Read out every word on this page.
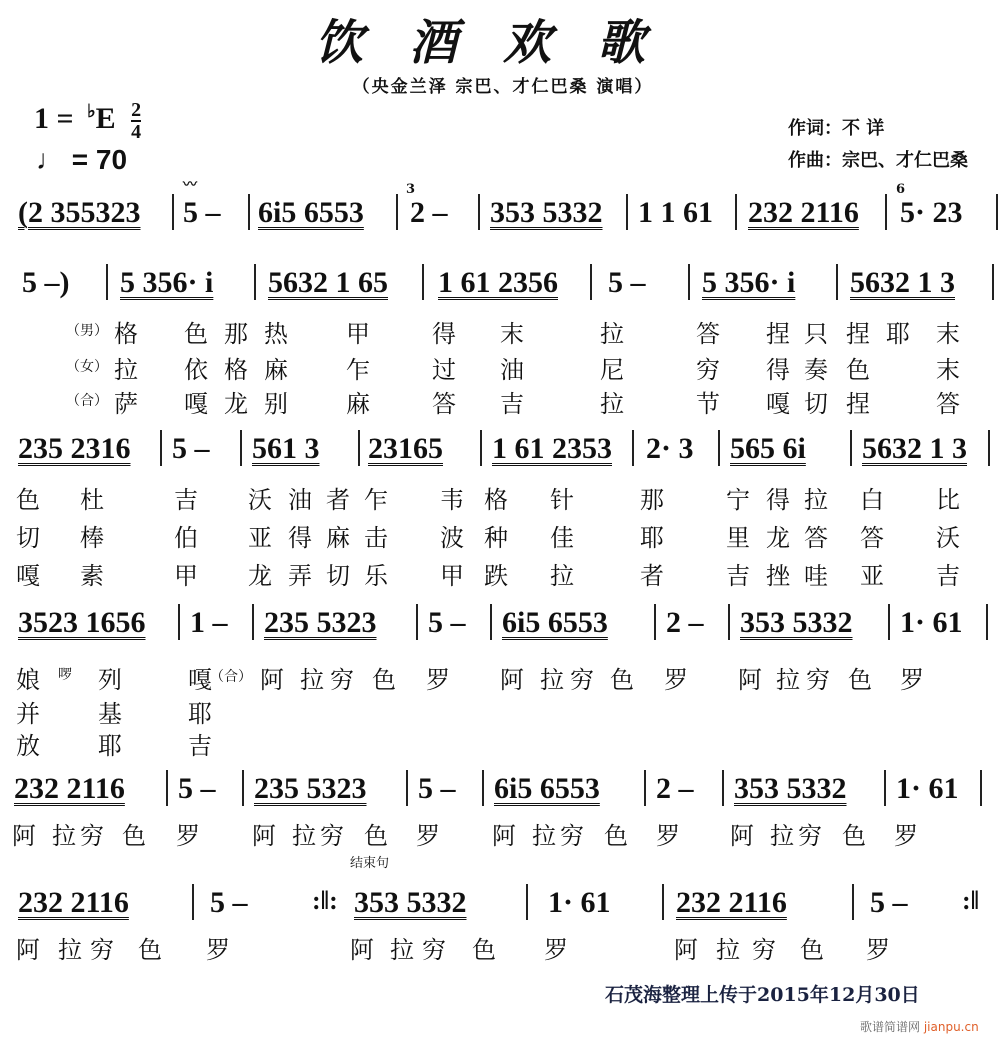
饮酒欢歌
（央金兰泽 宗巴、才仁巴桑 演唱）
$1 = ^♭E \frac{2}{4}$
♩ = 70
作词：不 详
作曲：宗巴、才仁巴桑
(2 355323
〰
5 – 6i5 6553
3
2 – 353 5332 1 1 61 232 2116
6
5· 23
5 –) 5 356· i 5632 1 65 1 61 2356 5 – 5 356· i 5632 1 3
（男） 格 色 那 热 甲	得 末	拉	答 捏 只 捏 耶 末
（女） 拉 依 格 麻 乍	过 油	尼	穷 得 奏 色	末
（合） 萨 嘎 龙 别 麻	答 吉	拉	节 嘎 切 捏	答
235 2316 5 – 561 3 23165 1 61 2353 2· 3 565 6i 5632 1 3
色 杜	吉 沃 油 者 乍 韦 格 针	那	宁 得 拉 白 比
切 棒	伯 亚 得 麻 击 波 种 佳	耶	里 龙 答 答 沃
嘎 素	甲 龙 弄 切 乐 甲 跌 拉	者	吉 挫 哇 亚 吉
3523 1656 1 – 235 5323 5 – 6i5 6553 2 – 353 5332 1· 61
娘 啰 列	嘎
（合） 阿 拉 穷 色 罗 阿 拉 穷 色 罗 阿 拉 穷 色 罗
并 基	耶
放 耶	吉
232 2116 5 – 235 5323 5 – 6i5 6553 2 – 353 5332 1· 61
阿 拉 穷 色 罗 阿 拉 穷 色 罗 阿 拉 穷 色 罗 阿 拉 穷 色 罗
结束句
232 2116	5 – :‖: 353 5332	1· 61 232 2116	5 – :‖
阿 拉 穷 色 罗	阿 拉 穷 色 罗	阿 拉 穷 色 罗
石茂海整理上传于2015年12月30日
歌谱简谱网 jianpu.cn
